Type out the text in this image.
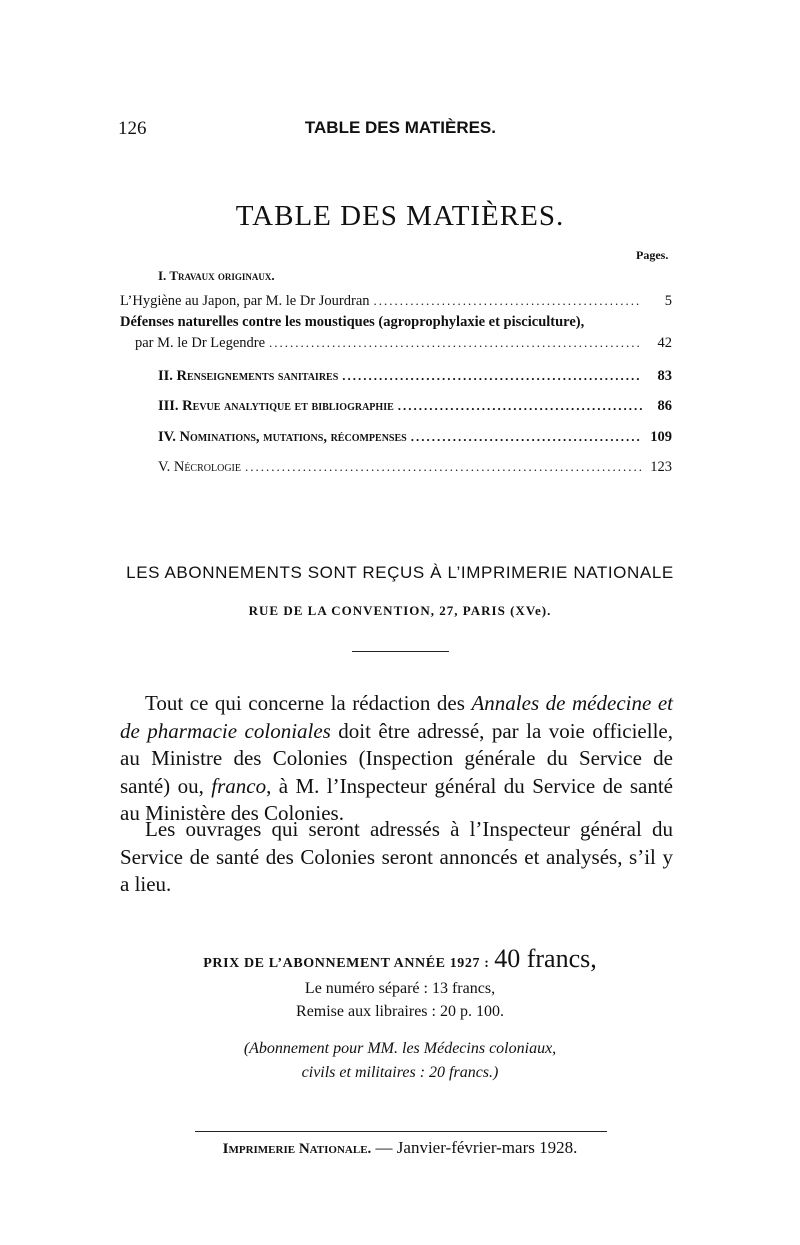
126	TABLE DES MATIÈRES.
TABLE DES MATIÈRES.
Pages.
I. Travaux originaux.
L’Hygiène au Japon, par M. le Dr Jourdran .....	5
Défenses naturelles contre les moustiques (agroprophylaxie et pisciculture),
par M. le Dr Legendre .....	42
II. Renseignements sanitaires .....	83
III. Revue analytique et bibliographie .....	86
IV. Nominations, mutations, récompenses .....	109
V. Nécrologie .....	123
LES ABONNEMENTS SONT REÇUS À L’IMPRIMERIE NATIONALE
RUE DE LA CONVENTION, 27, PARIS (XVe).
Tout ce qui concerne la rédaction des Annales de médecine et de pharmacie coloniales doit être adressé, par la voie officielle, au Ministre des Colonies (Inspection générale du Service de santé) ou, franco, à M. l’Inspecteur général du Service de santé au Ministère des Colonies.
Les ouvrages qui seront adressés à l’Inspecteur général du Service de santé des Colonies seront annoncés et analysés, s’il y a lieu.
PRIX DE L’ABONNEMENT ANNÉE 1927 : 40 francs,
Le numéro séparé : 13 francs,
Remise aux libraires : 20 p. 100.
(Abonnement pour MM. les Médecins coloniaux,
civils et militaires : 20 francs.)
Imprimerie Nationale. — Janvier-février-mars 1928.
